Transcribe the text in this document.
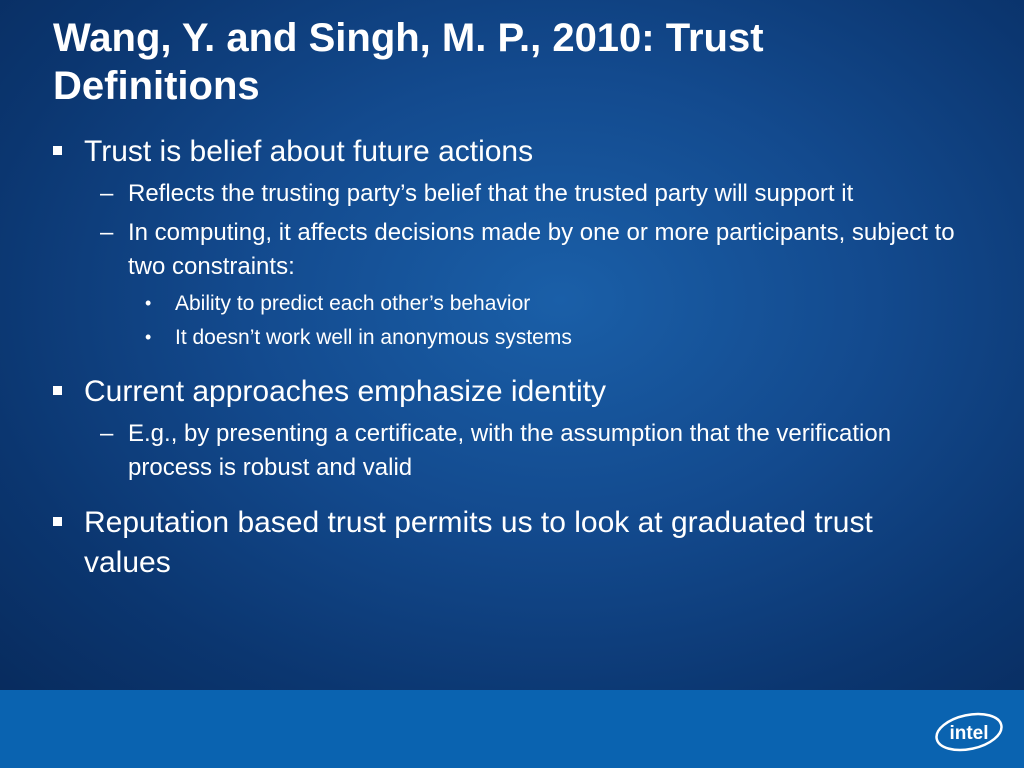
Wang, Y. and Singh, M. P., 2010: Trust Definitions
Trust is belief about future actions
– Reflects the trusting party’s belief that the trusted party will support it
– In computing, it affects decisions made by one or more participants, subject to two constraints:
• Ability to predict each other’s behavior
• It doesn’t work well in anonymous systems
Current approaches emphasize identity
– E.g., by presenting a certificate, with the assumption that the verification process is robust and valid
Reputation based trust permits us to look at graduated trust values
intel
